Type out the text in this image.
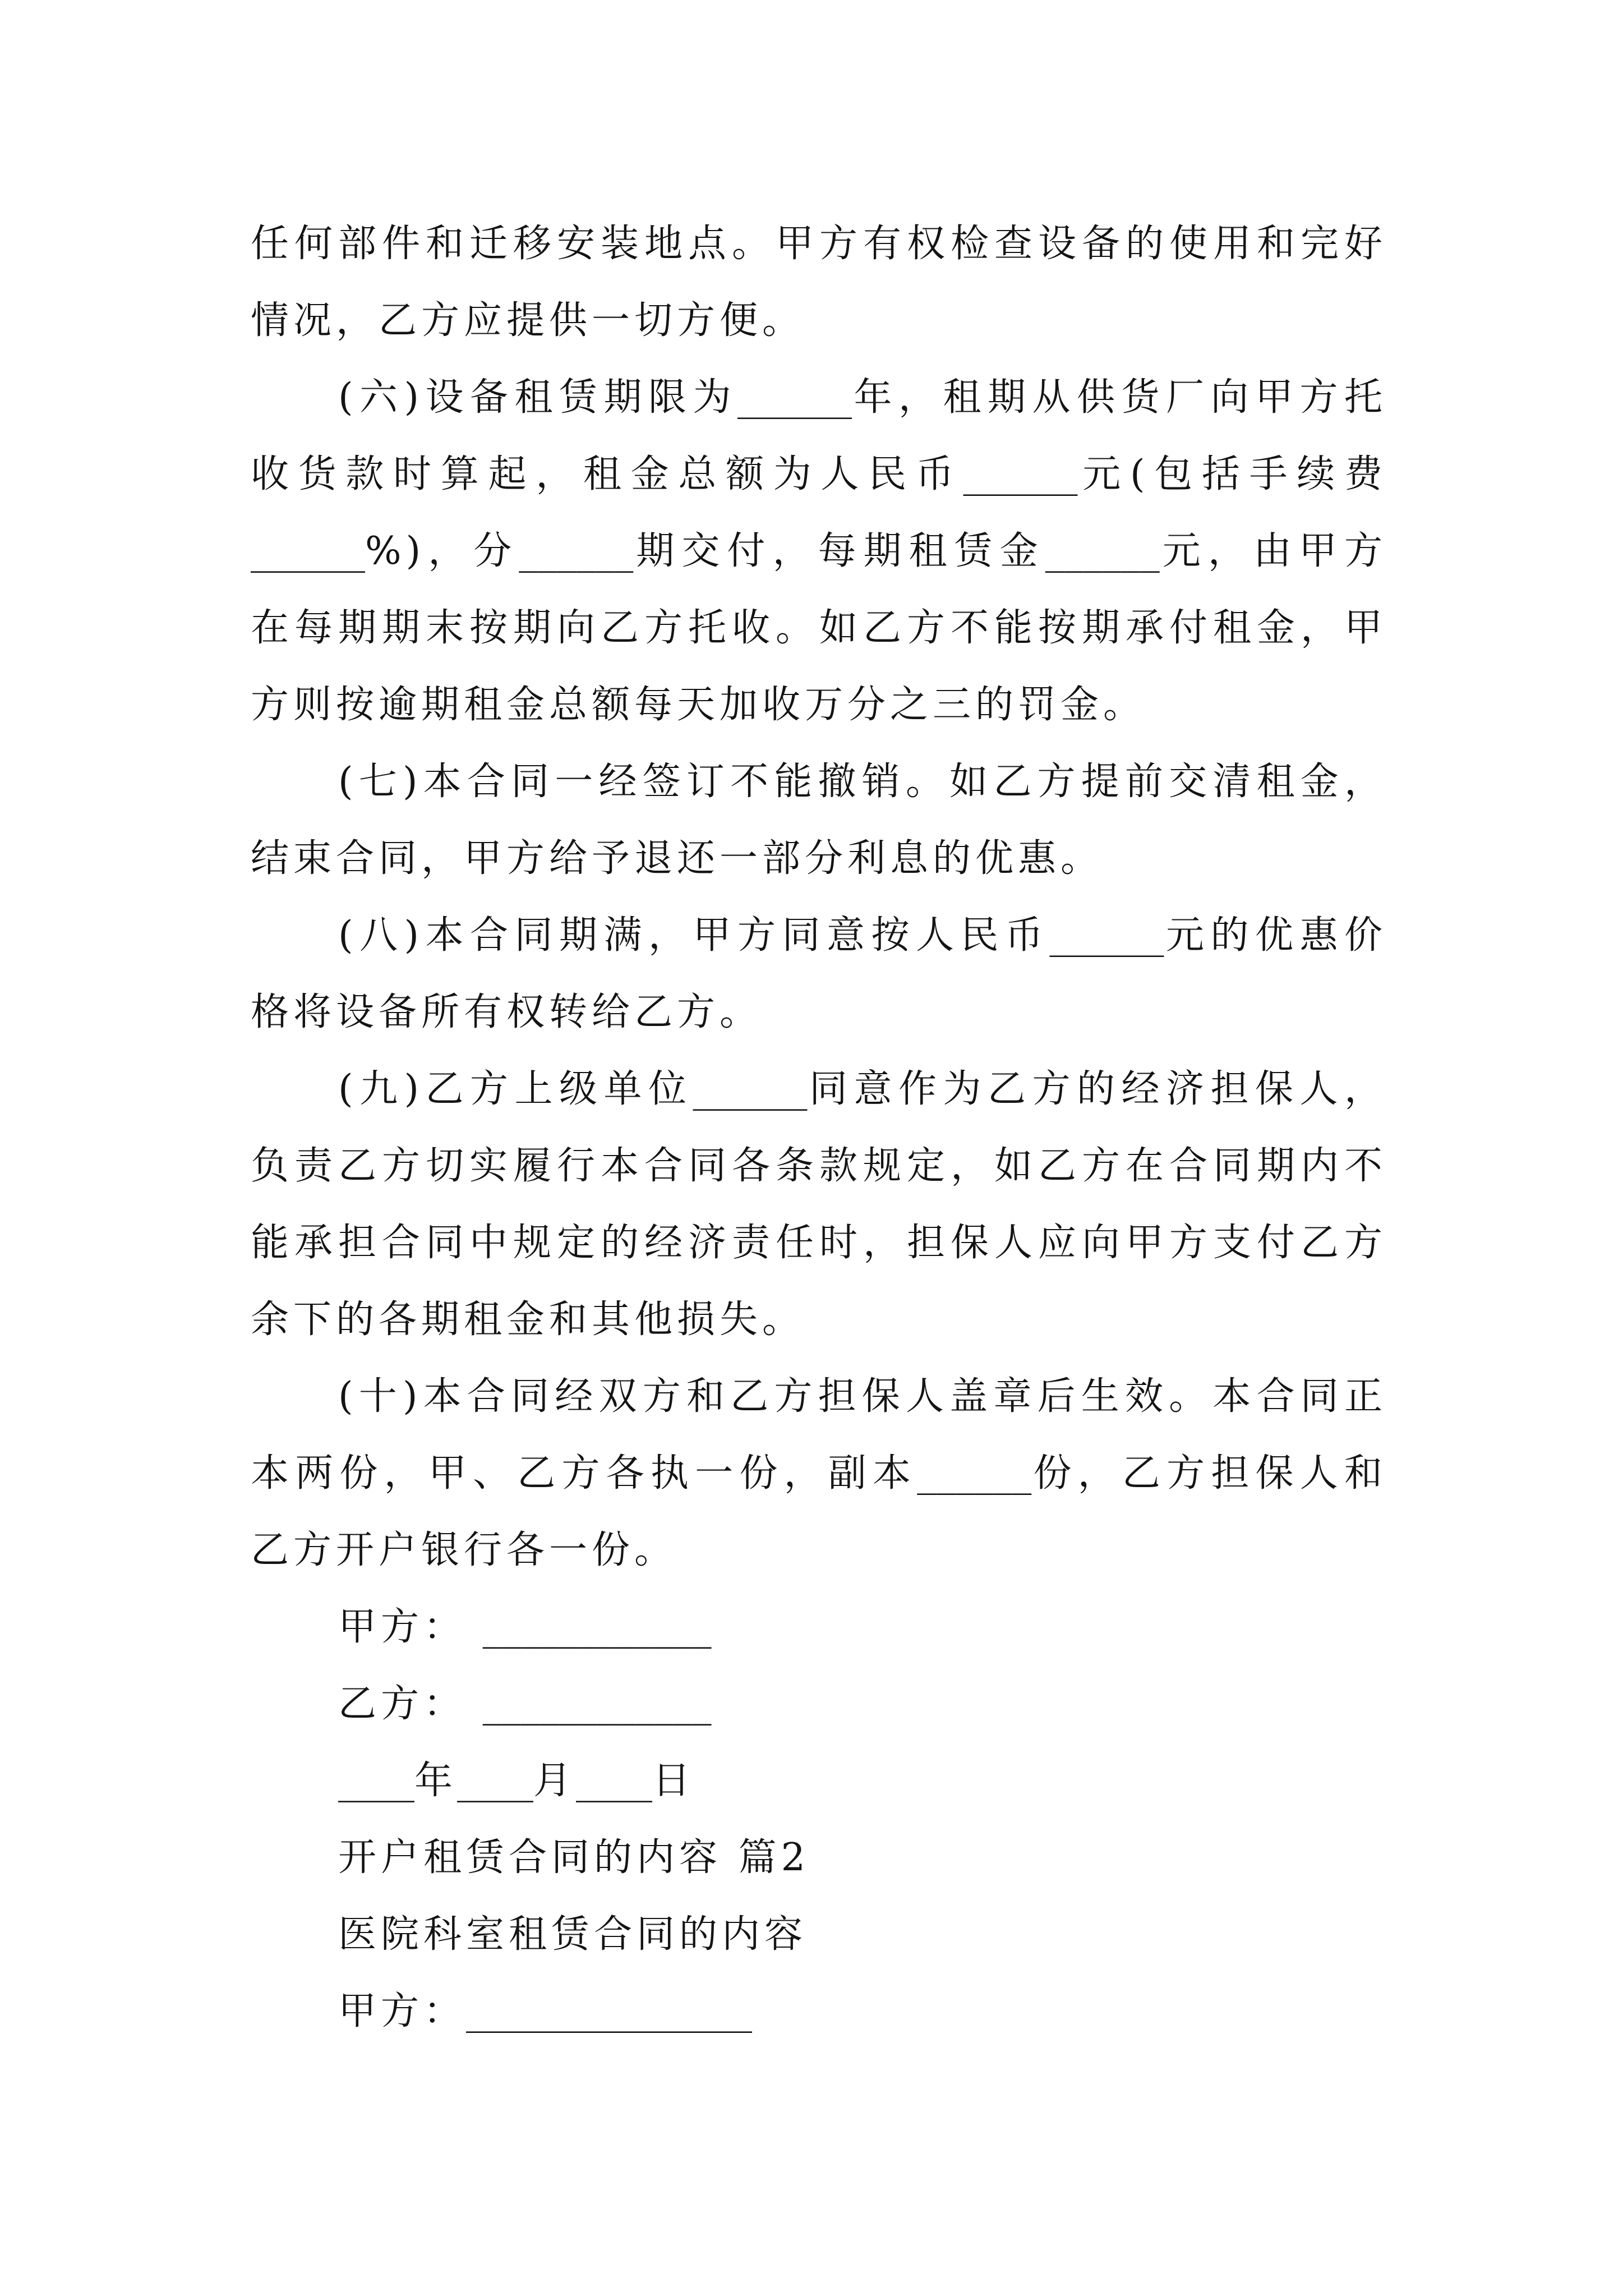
任何部件和迁移安装地点。甲方有权检查设备的使用和完好
情况，乙方应提供一切方便。
(六)设备租赁期限为______年，租期从供货厂向甲方托
收货款时算起，租金总额为人民币______元(包括手续费
______%)，分______期交付，每期租赁金______元，由甲方
在每期期末按期向乙方托收。如乙方不能按期承付租金，甲
方则按逾期租金总额每天加收万分之三的罚金。
(七)本合同一经签订不能撤销。如乙方提前交清租金，
结束合同，甲方给予退还一部分利息的优惠。
(八)本合同期满，甲方同意按人民币______元的优惠价
格将设备所有权转给乙方。
(九)乙方上级单位______同意作为乙方的经济担保人，
负责乙方切实履行本合同各条款规定，如乙方在合同期内不
能承担合同中规定的经济责任时，担保人应向甲方支付乙方
余下的各期租金和其他损失。
(十)本合同经双方和乙方担保人盖章后生效。本合同正
本两份，甲、乙方各执一份，副本______份，乙方担保人和
乙方开户银行各一份。
甲方： ____________
乙方： ____________
____年____月____日
开户租赁合同的内容 篇2
医院科室租赁合同的内容
甲方：_______________
